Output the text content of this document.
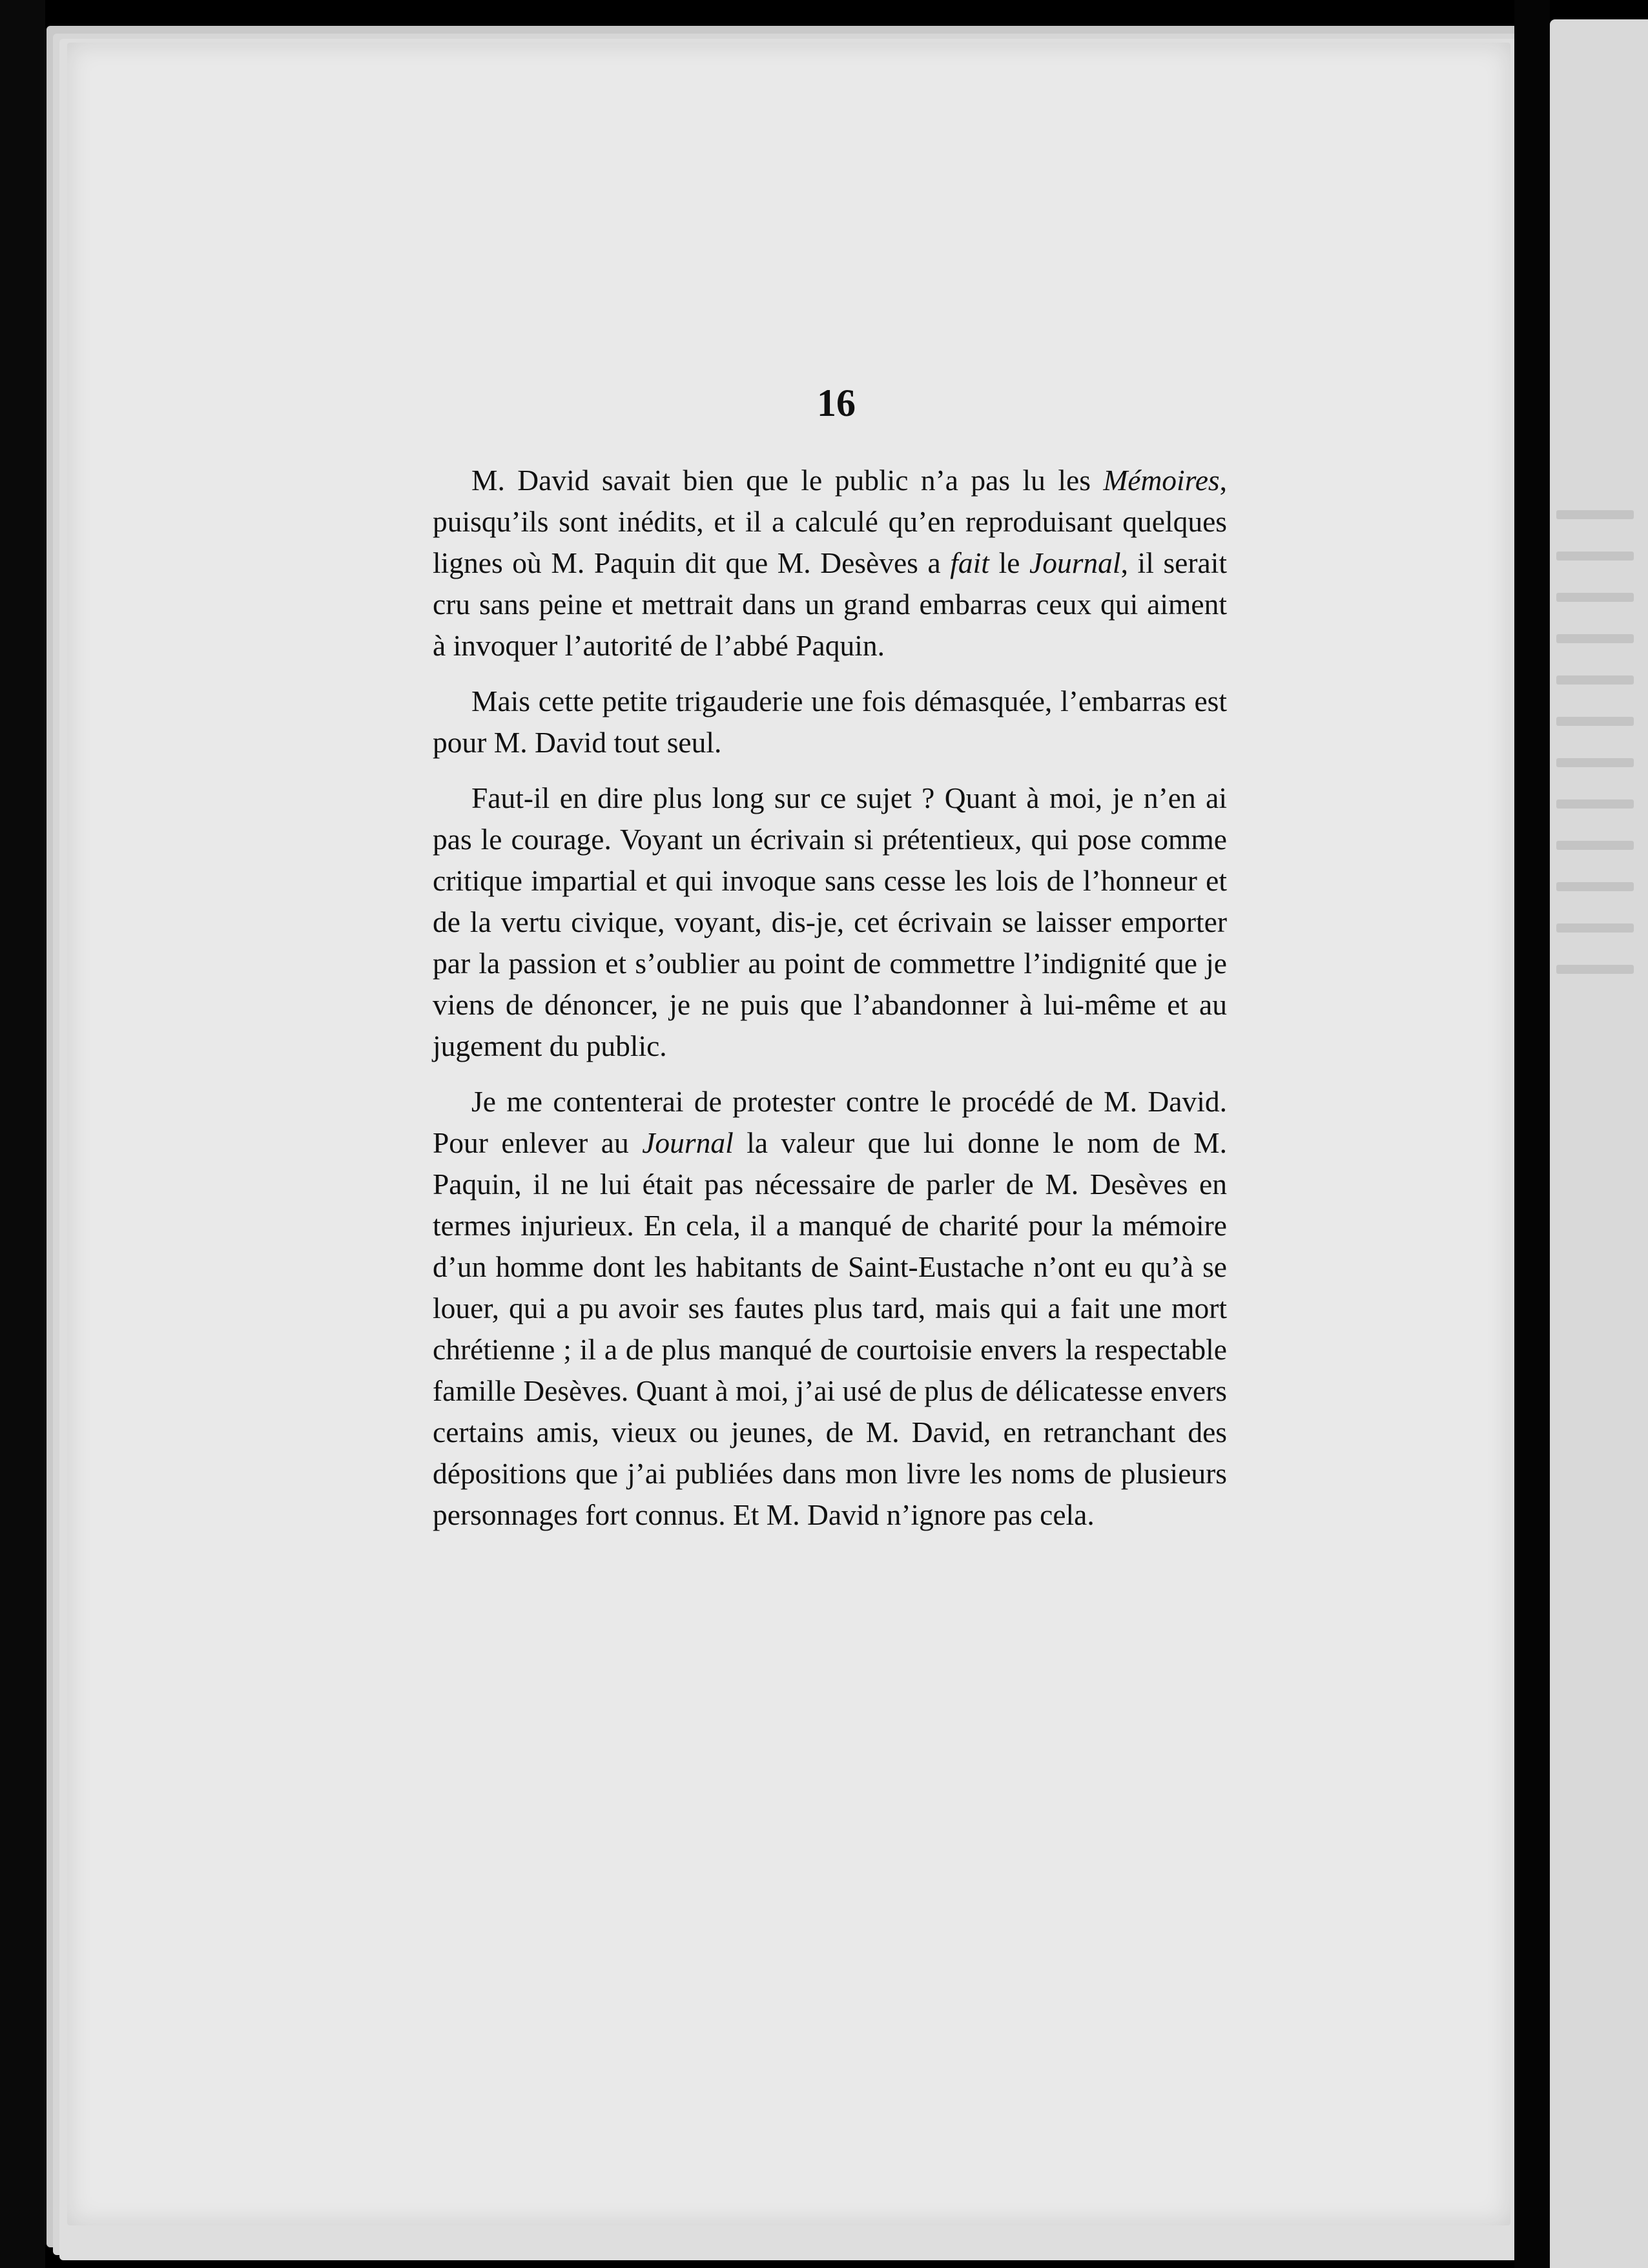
16

M. David savait bien que le public n’a pas lu les Mémoires, puisqu’ils sont inédits, et il a calculé qu’en reproduisant quelques lignes où M. Paquin dit que M. Desèves a fait le Journal, il serait cru sans peine et mettrait dans un grand embarras ceux qui aiment à invoquer l’autorité de l’abbé Paquin.

Mais cette petite trigauderie une fois démasquée, l’embarras est pour M. David tout seul.

Faut-il en dire plus long sur ce sujet ? Quant à moi, je n’en ai pas le courage. Voyant un écrivain si prétentieux, qui pose comme critique impartial et qui invoque sans cesse les lois de l’honneur et de la vertu civique, voyant, dis-je, cet écrivain se laisser emporter par la passion et s’oublier au point de commettre l’indignité que je viens de dénoncer, je ne puis que l’abandonner à lui-même et au jugement du public.

Je me contenterai de protester contre le procédé de M. David. Pour enlever au Journal la valeur que lui donne le nom de M. Paquin, il ne lui était pas nécessaire de parler de M. Desèves en termes injurieux. En cela, il a manqué de charité pour la mémoire d’un homme dont les habitants de Saint-Eustache n’ont eu qu’à se louer, qui a pu avoir ses fautes plus tard, mais qui a fait une mort chrétienne ; il a de plus manqué de courtoisie envers la respectable famille Desèves. Quant à moi, j’ai usé de plus de délicatesse envers certains amis, vieux ou jeunes, de M. David, en retranchant des dépositions que j’ai publiées dans mon livre les noms de plusieurs personnages fort connus. Et M. David n’ignore pas cela.
